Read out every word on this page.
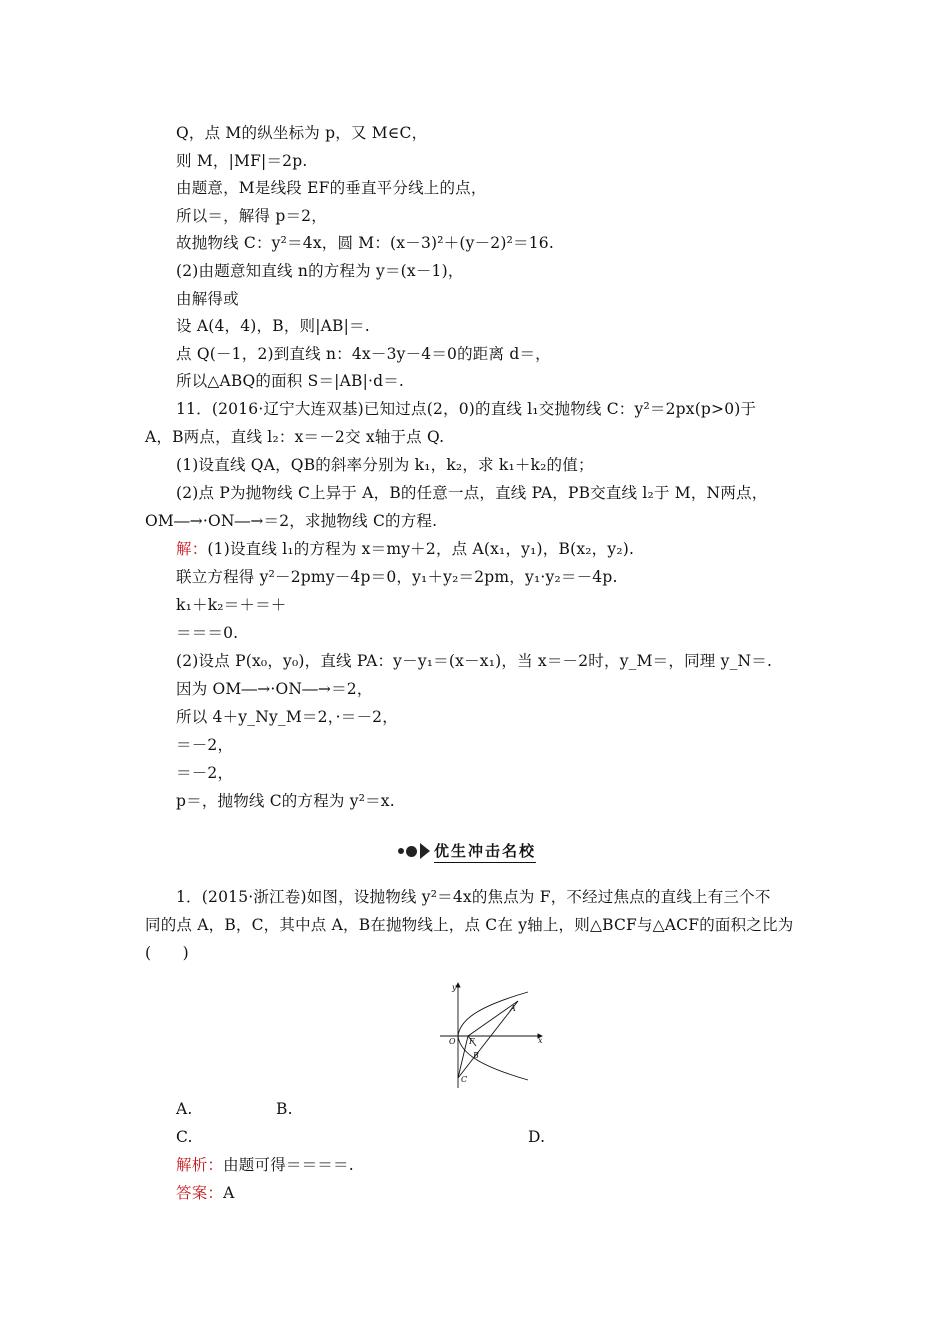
Q，点 M的纵坐标为 p，又 M∈C，
则 M，|MF|＝2p.
由题意，M是线段 EF的垂直平分线上的点，
所以＝，解得 p＝2，
故抛物线 C：y²＝4x，圆 M：(x－3)²＋(y－2)²＝16.
(2)由题意知直线 n的方程为 y＝(x－1)，
由解得或
设 A(4，4)，B，则|AB|＝.
点 Q(－1，2)到直线 n：4x－3y－4＝0的距离 d＝，
所以△ABQ的面积 S＝|AB|·d＝.
11．(2016·辽宁大连双基)已知过点(2，0)的直线 l₁交抛物线 C：y²＝2px(p>0)于
A，B两点，直线 l₂：x＝－2交 x轴于点 Q.
(1)设直线 QA，QB的斜率分别为 k₁，k₂，求 k₁＋k₂的值；
(2)点 P为抛物线 C上异于 A，B的任意一点，直线 PA，PB交直线 l₂于 M，N两点，
OM―→·ON―→＝2，求抛物线 C的方程.
解：(1)设直线 l₁的方程为 x＝my＋2，点 A(x₁，y₁)，B(x₂，y₂).
联立方程得 y²－2pmy－4p＝0，y₁＋y₂＝2pm，y₁·y₂＝－4p.
k₁＋k₂＝＋＝＋
＝＝＝0.
(2)设点 P(x₀，y₀)，直线 PA：y－y₁＝(x－x₁)，当 x＝－2时，y_M＝，同理 y_N＝.
因为 OM―→·ON―→＝2，
所以 4＋y_Ny_M＝2，·＝－2，
＝－2，
＝－2，
p＝，抛物线 C的方程为 y²＝x.
优生冲击名校
1．(2015·浙江卷)如图，设抛物线 y²＝4x的焦点为 F，不经过焦点的直线上有三个不
同的点 A，B，C，其中点 A，B在抛物线上，点 C在 y轴上，则△BCF与△ACF的面积之比为
(　　)
y
x
O F
A
B
C
A.	B.
C.	D.
解析：由题可得＝＝＝＝.
答案：A
